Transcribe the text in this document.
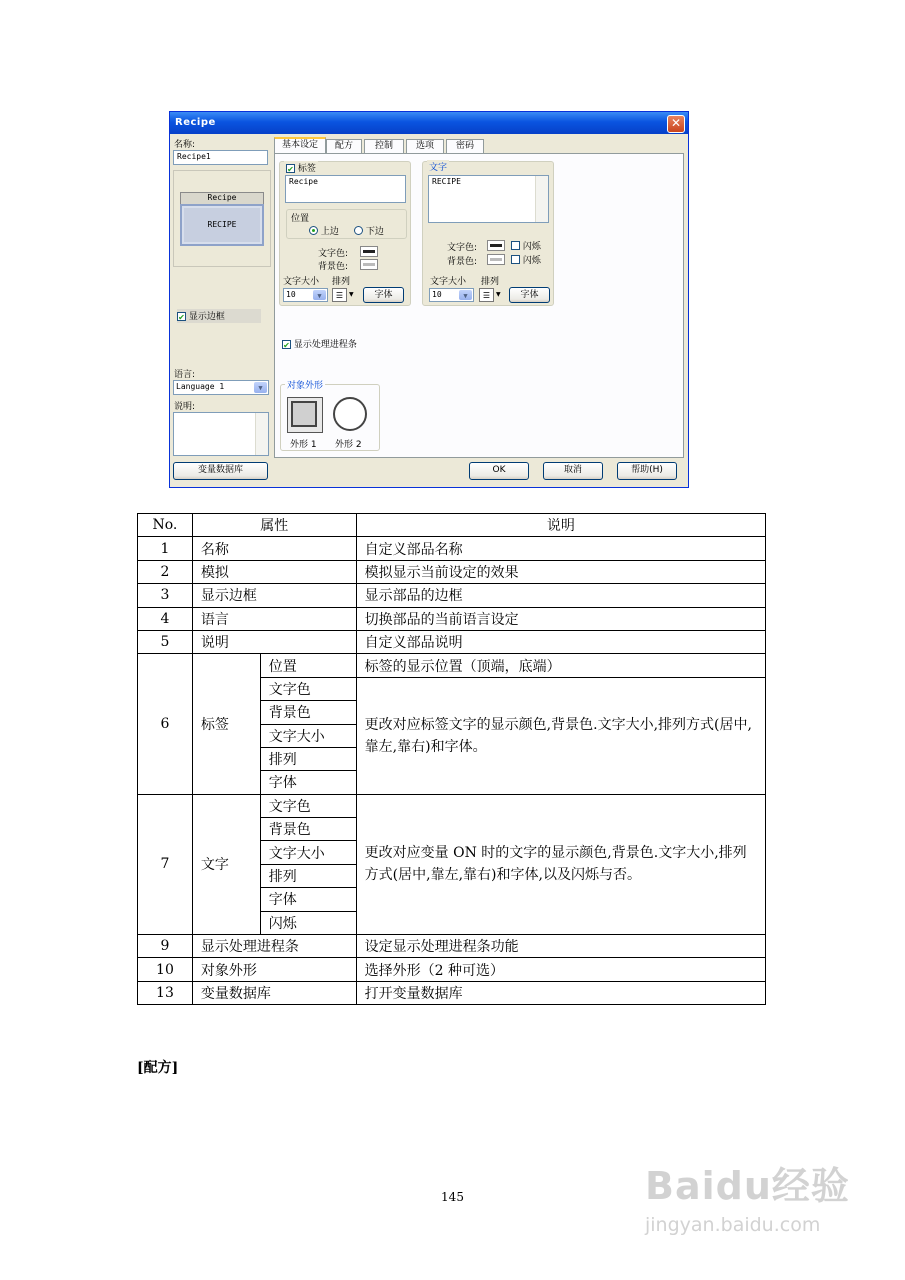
Recipe	✕
名称:
Recipe1
Recipe
RECIPE
✔ 显示边框
语言:
Language 1	▼
说明:
变量数据库
基本设定	配方	控制	选项	密码
✔ 标签
Recipe
位置
上边	下边
文字色:
背景色:
文字大小 排列
10	▼	☰ ▼	字体
文字
RECIPE
文字色:	闪烁
背景色:	闪烁
文字大小 排列
10	▼	☰ ▼	字体
✔ 显示处理进程条
对象外形
外形 1 外形 2
OK	取消	帮助(H)
No.	属性		说明
1	名称		自定义部品名称
2	模拟		模拟显示当前设定的效果
3	显示边框		显示部品的边框
4	语言		切换部品的当前语言设定
5	说明		自定义部品说明
6	标签	位置	标签的显示位置（顶端，底端）
		文字色	更改对应标签文字的显示颜色,背景色.文字大小,排列方式(居中,靠左,靠右)和字体。
		背景色	
		文字大小	
		排列	
		字体	
7	文字	文字色	更改对应变量 ON 时的文字的显示颜色,背景色.文字大小,排列方式(居中,靠左,靠右)和字体,以及闪烁与否。
		背景色	
		文字大小	
		排列	
		字体	
		闪烁	
9	显示处理进程条		设定显示处理进程条功能
10	对象外形		选择外形（2 种可选）
13	变量数据库		打开变量数据库
[配方]
145	Baidu经验
jingyan.baidu.com
